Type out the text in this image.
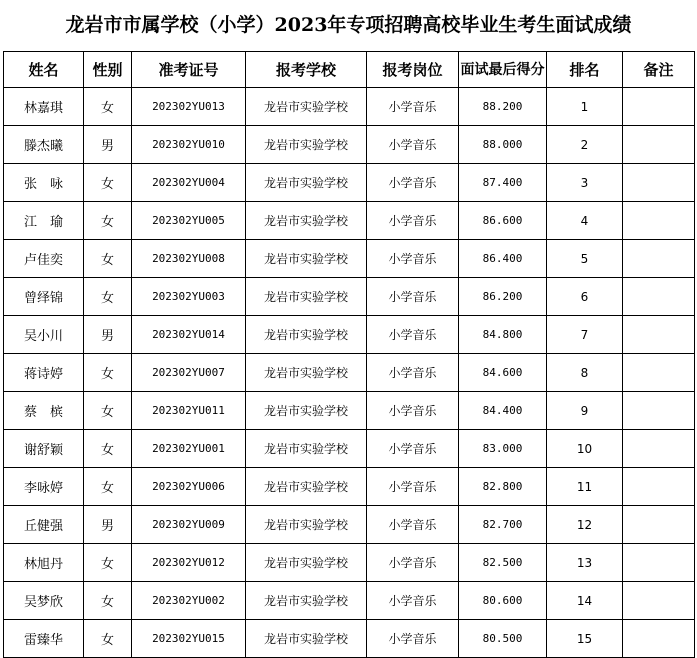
龙岩市市属学校（小学）2023年专项招聘高校毕业生考生面试成绩
姓名	性别	准考证号	报考学校	报考岗位	面试最后得分	排名	备注
林嘉琪	女	202302YU013	龙岩市实验学校	小学音乐	88.200	1	
滕杰曦	男	202302YU010	龙岩市实验学校	小学音乐	88.000	2	
张　咏	女	202302YU004	龙岩市实验学校	小学音乐	87.400	3	
江　瑜	女	202302YU005	龙岩市实验学校	小学音乐	86.600	4	
卢佳奕	女	202302YU008	龙岩市实验学校	小学音乐	86.400	5	
曾绎锦	女	202302YU003	龙岩市实验学校	小学音乐	86.200	6	
吴小川	男	202302YU014	龙岩市实验学校	小学音乐	84.800	7	
蒋诗婷	女	202302YU007	龙岩市实验学校	小学音乐	84.600	8	
蔡　槟	女	202302YU011	龙岩市实验学校	小学音乐	84.400	9	
谢舒颖	女	202302YU001	龙岩市实验学校	小学音乐	83.000	10	
李咏婷	女	202302YU006	龙岩市实验学校	小学音乐	82.800	11	
丘健强	男	202302YU009	龙岩市实验学校	小学音乐	82.700	12	
林旭丹	女	202302YU012	龙岩市实验学校	小学音乐	82.500	13	
吴梦欣	女	202302YU002	龙岩市实验学校	小学音乐	80.600	14	
雷臻华	女	202302YU015	龙岩市实验学校	小学音乐	80.500	15	
